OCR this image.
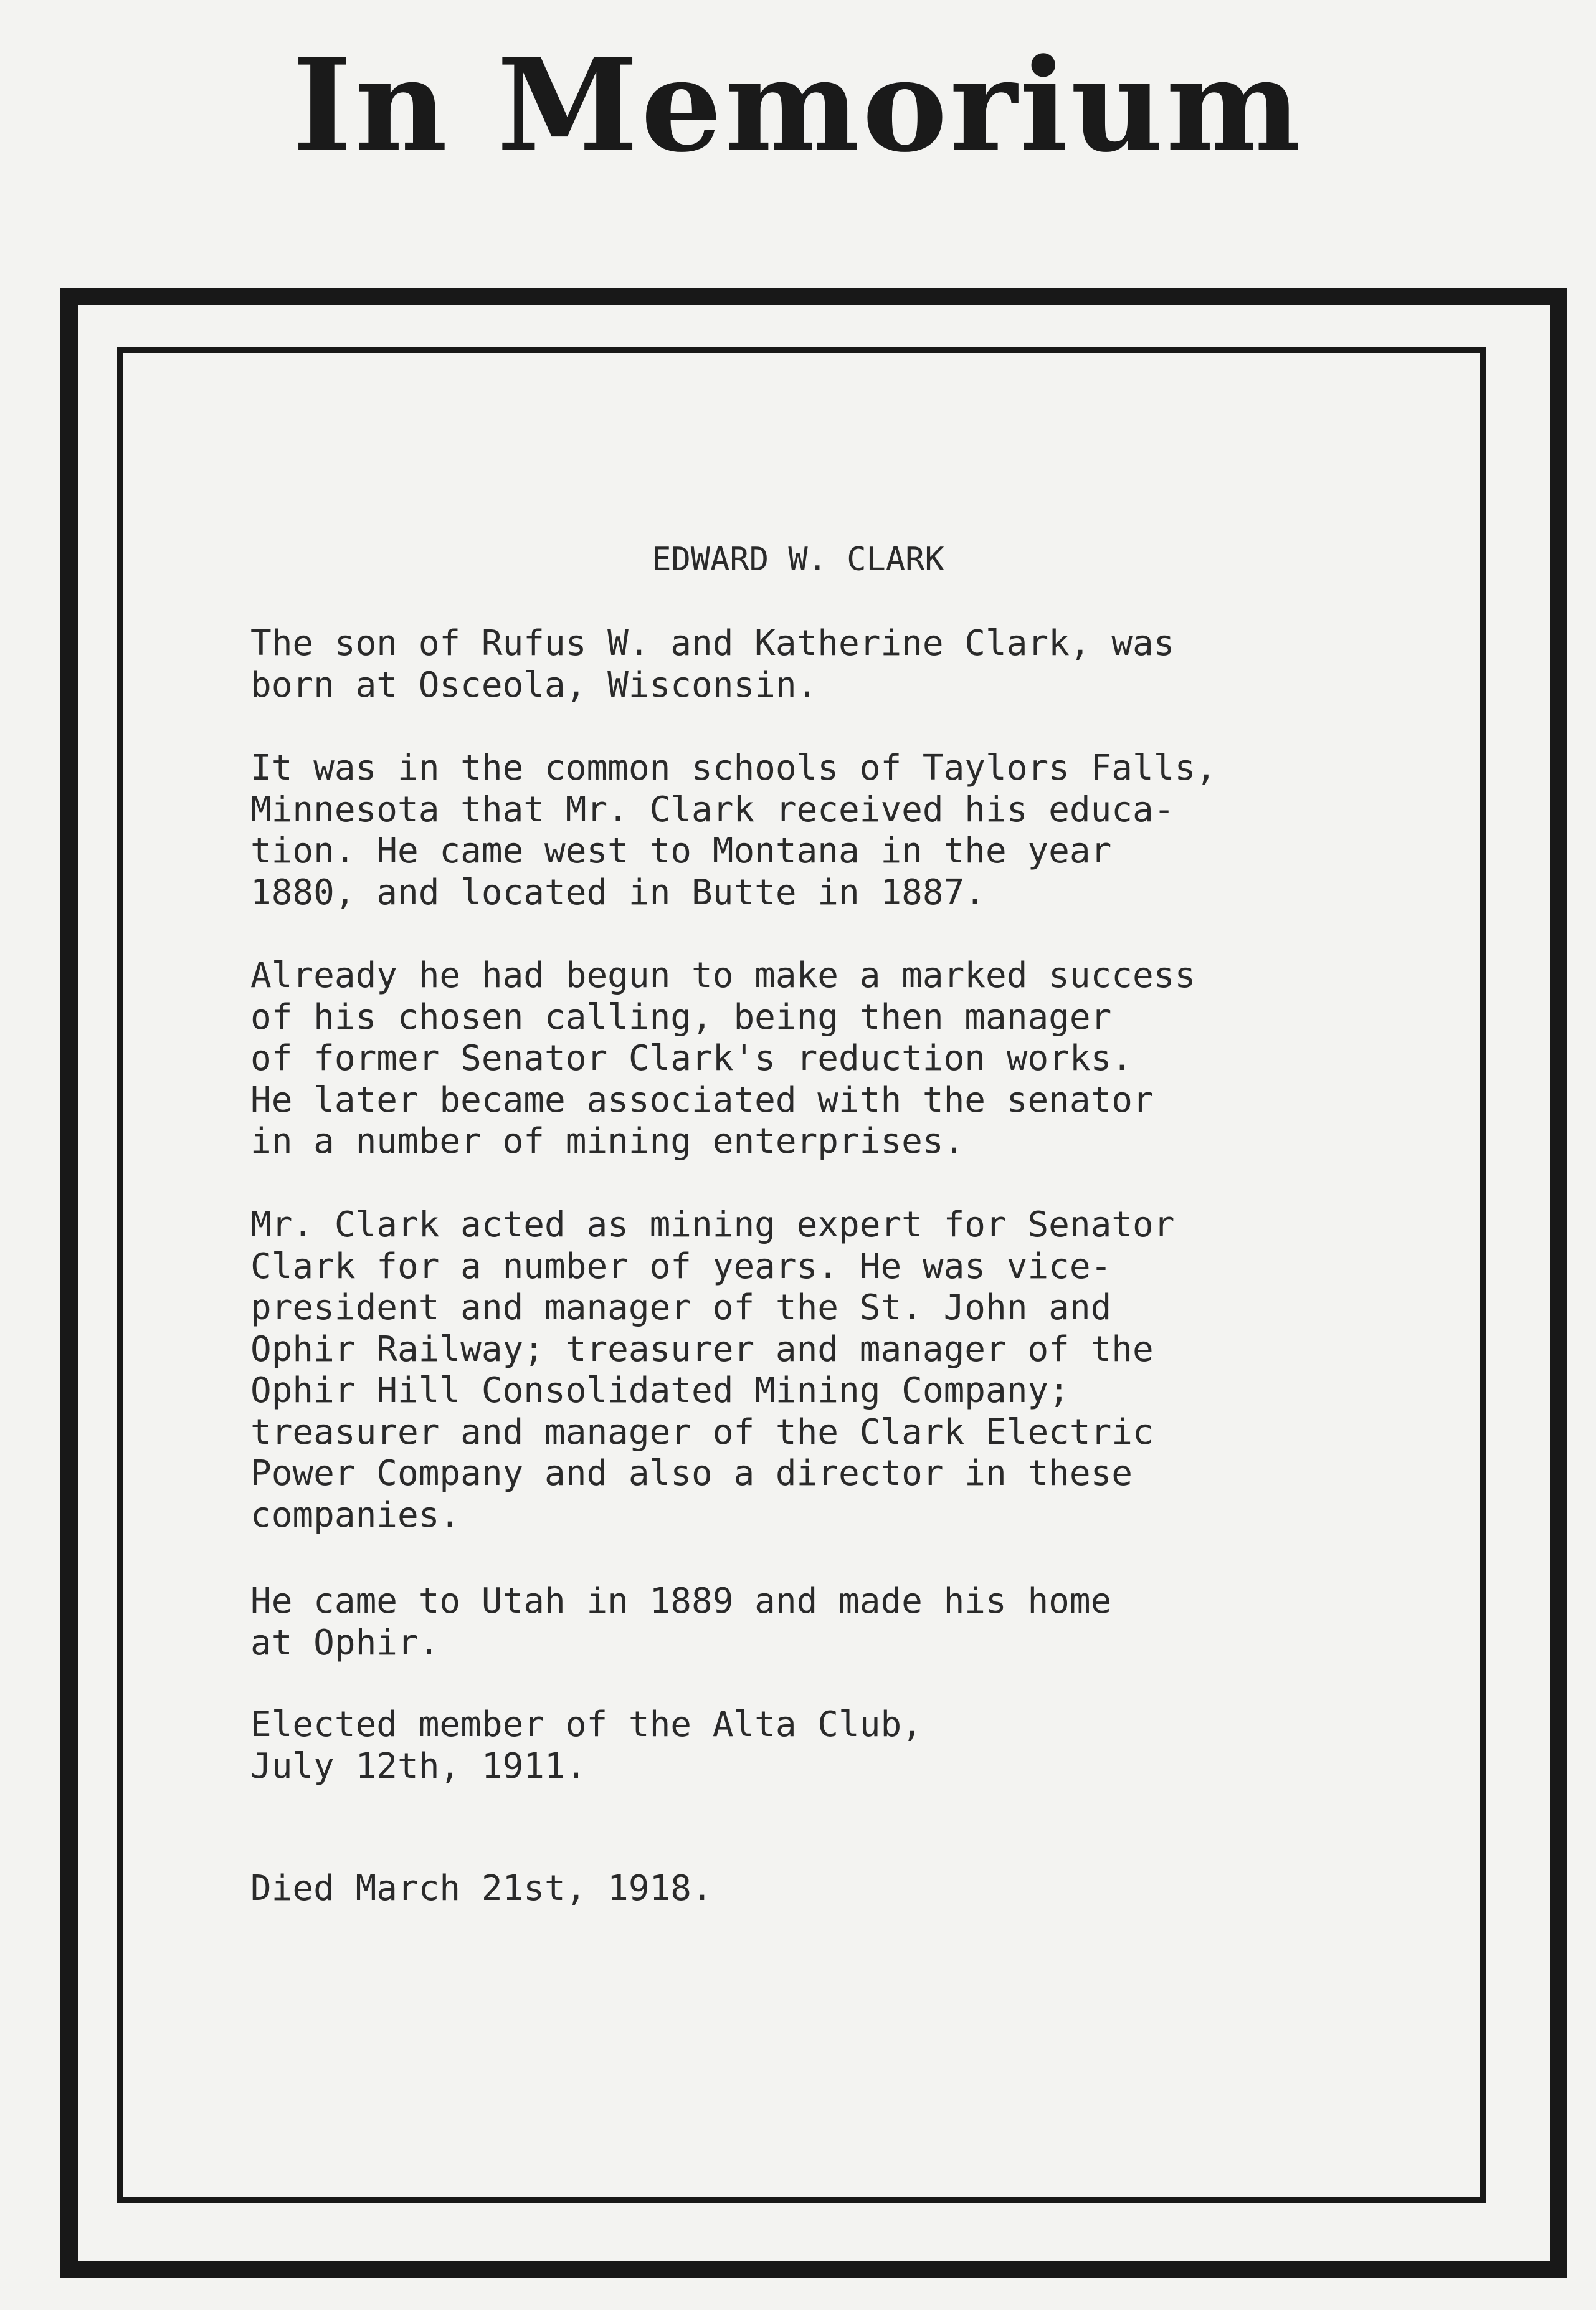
In Memorium
EDWARD W. CLARK

The son of Rufus W. and Katherine Clark, was
born at Osceola, Wisconsin.

It was in the common schools of Taylors Falls,
Minnesota that Mr. Clark received his educa-
tion. He came west to Montana in the year
1880, and located in Butte in 1887.

Already he had begun to make a marked success
of his chosen calling, being then manager
of former Senator Clark's reduction works.
He later became associated with the senator
in a number of mining enterprises.

Mr. Clark acted as mining expert for Senator
Clark for a number of years. He was vice-
president and manager of the St. John and
Ophir Railway; treasurer and manager of the
Ophir Hill Consolidated Mining Company;
treasurer and manager of the Clark Electric
Power Company and also a director in these
companies.

He came to Utah in 1889 and made his home
at Ophir.

Elected member of the Alta Club,
July 12th, 1911.

Died March 21st, 1918.
